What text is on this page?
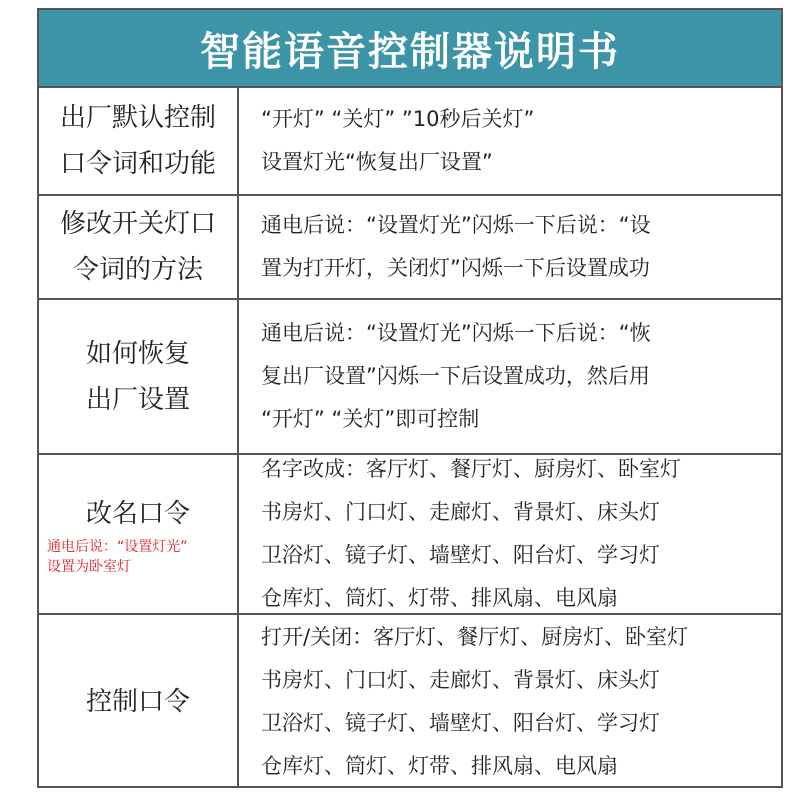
智能语音控制器说明书
出厂默认控制
口令词和功能
“开灯” “关灯” ”10秒后关灯”
设置灯光“恢复出厂设置”
修改开关灯口
令词的方法
通电后说：“设置灯光”闪烁一下后说：“设
置为打开灯，关闭灯”闪烁一下后设置成功
如何恢复
出厂设置
通电后说：“设置灯光”闪烁一下后说：“恢
复出厂设置”闪烁一下后设置成功，然后用
“开灯” “关灯”即可控制
改名口令
通电后说：“设置灯光”
设置为卧室灯
名字改成：客厅灯、餐厅灯、厨房灯、卧室灯
书房灯、门口灯、走廊灯、背景灯、床头灯
卫浴灯、镜子灯、墙壁灯、阳台灯、学习灯
仓库灯、筒灯、灯带、排风扇、电风扇
控制口令
打开/关闭：客厅灯、餐厅灯、厨房灯、卧室灯
书房灯、门口灯、走廊灯、背景灯、床头灯
卫浴灯、镜子灯、墙壁灯、阳台灯、学习灯
仓库灯、筒灯、灯带、排风扇、电风扇
